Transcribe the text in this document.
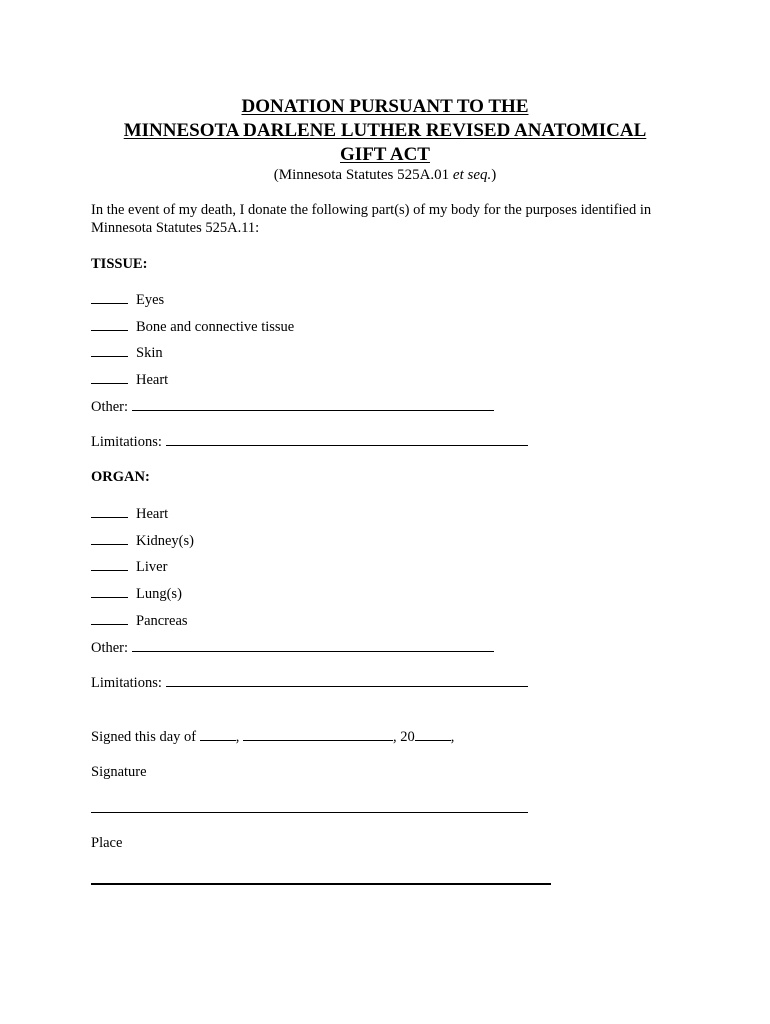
DONATION PURSUANT TO THE
MINNESOTA DARLENE LUTHER REVISED ANATOMICAL
GIFT ACT
(Minnesota Statutes 525A.01 et seq.)
In the event of my death, I donate the following part(s) of my body for the purposes identified in
Minnesota Statutes 525A.11:
TISSUE:
Eyes
Bone and connective tissue
Skin
Heart
Other:
Limitations:
ORGAN:
Heart
Kidney(s)
Liver
Lung(s)
Pancreas
Other:
Limitations:
Signed this day of	,	, 20 ,
Signature
Place
